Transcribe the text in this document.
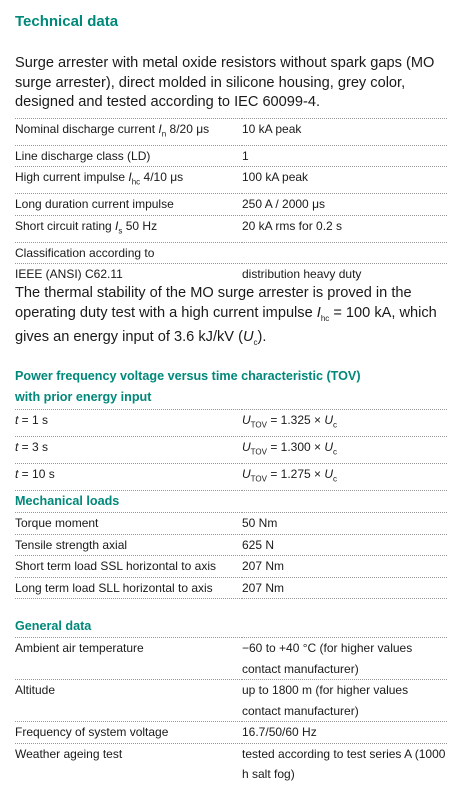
Technical data

Surge arrester with metal oxide resistors without spark gaps (MO surge arrester), direct molded in silicone housing, grey color, designed and tested according to IEC 60099-4.

Nominal discharge current $I_n$ 8/20 μs	10 kA peak
Line discharge class (LD)	1
High current impulse $I_{hc}$ 4/10 μs	100 kA peak
Long duration current impulse	250 A / 2000 μs
Short circuit rating $I_s$ 50 Hz	20 kA rms for 0.2 s
Classification according to	
IEEE (ANSI) C62.11	distribution heavy duty

The thermal stability of the MO surge arrester is proved in the operating duty test with a high current impulse $I_{hc} = 100$ kA, which gives an energy input of 3.6 kJ/kV $(U_c)$.

Power frequency voltage versus time characteristic (TOV)
with prior energy input
t = 1 s	$U_{TOV} = 1.325 \times U_c$
t = 3 s	$U_{TOV} = 1.300 \times U_c$
t = 10 s	$U_{TOV} = 1.275 \times U_c$
Mechanical loads
Torque moment	50 Nm
Tensile strength axial	625 N
Short term load SSL horizontal to axis	207 Nm
Long term load SLL horizontal to axis	207 Nm
General data
Ambient air temperature	−60 to +40 °C (for higher values contact manufacturer)
Altitude	up to 1800 m (for higher values contact manufacturer)
Frequency of system voltage	16.7/50/60 Hz
Weather ageing test	tested according to test series A (1000 h salt fog)
